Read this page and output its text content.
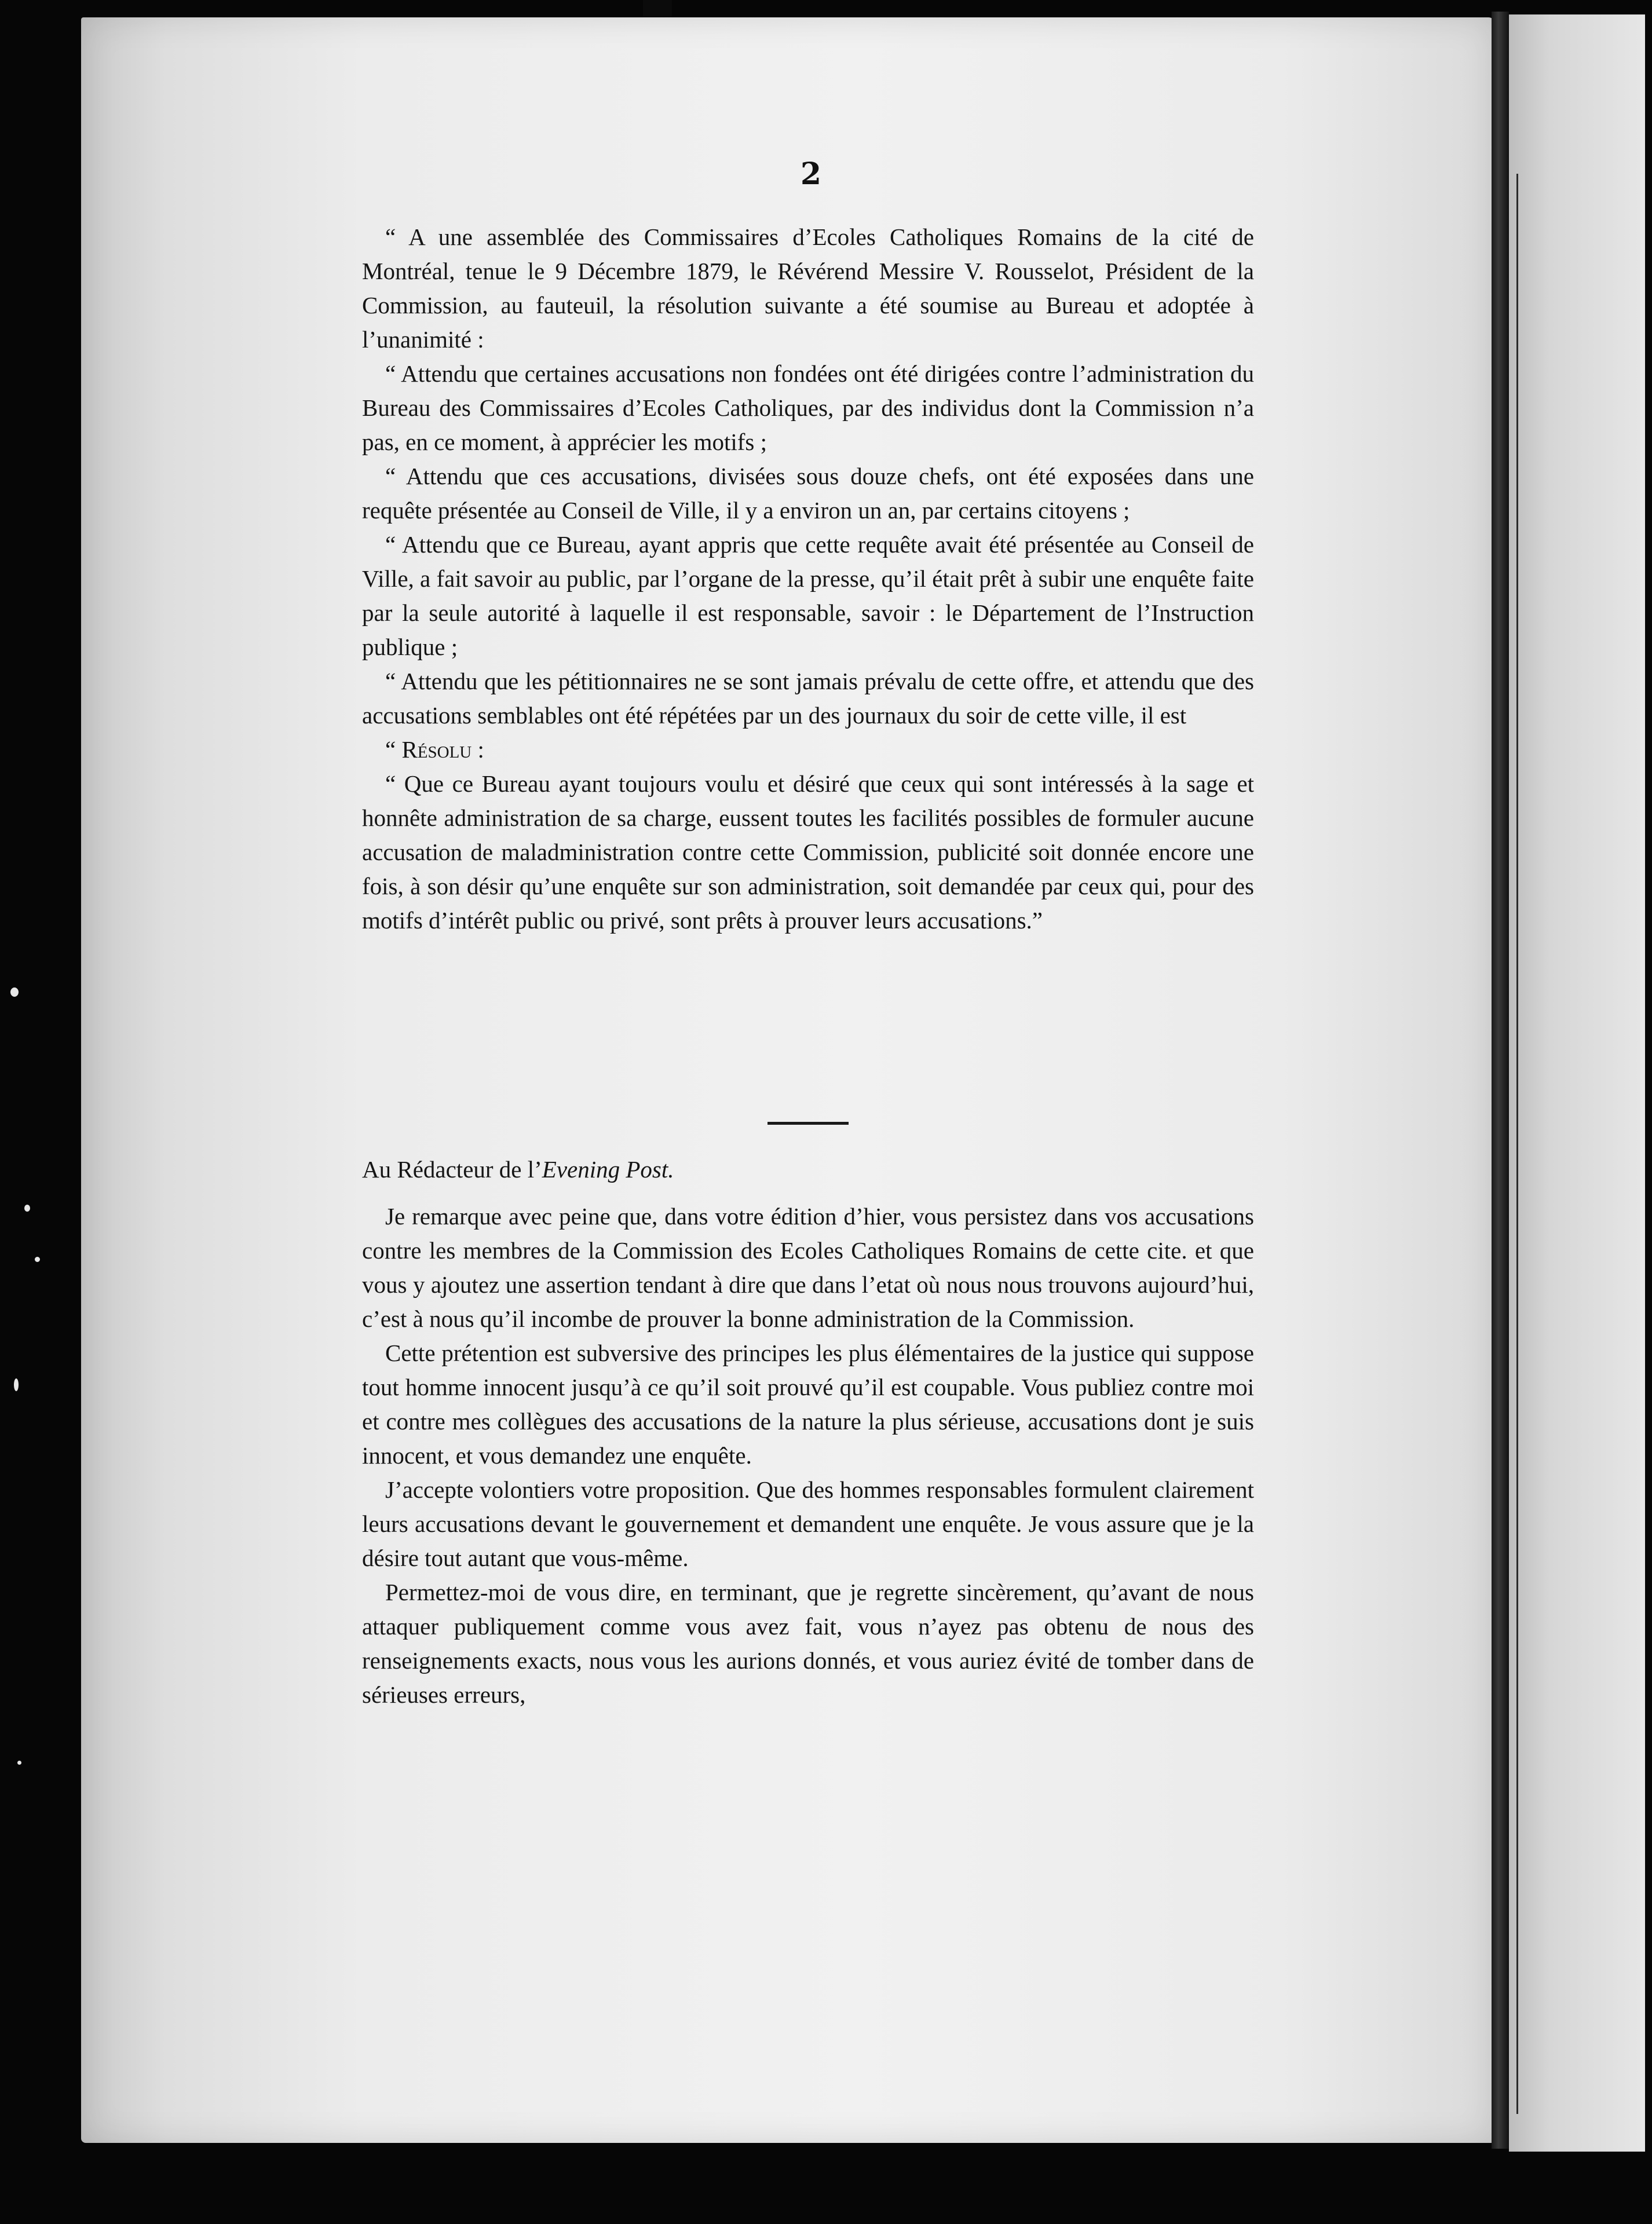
2

“ A une assemblée des Commissaires d’Ecoles Catholiques Romains de la cité de Montréal, tenue le 9 Décembre 1879, le Révérend Messire V. Rousselot, Président de la Commission, au fauteuil, la résolution suivante a été soumise au Bureau et adoptée à l’unanimité :

“ Attendu que certaines accusations non fondées ont été dirigées contre l’administration du Bureau des Commissaires d’Ecoles Catholiques, par des individus dont la Commission n’a pas, en ce moment, à apprécier les motifs ;

“ Attendu que ces accusations, divisées sous douze chefs, ont été exposées dans une requête présentée au Conseil de Ville, il y a environ un an, par certains citoyens ;

“ Attendu que ce Bureau, ayant appris que cette requête avait été présentée au Conseil de Ville, a fait savoir au public, par l’organe de la presse, qu’il était prêt à subir une enquête faite par la seule autorité à laquelle il est responsable, savoir : le Département de l’Instruction publique ;

“ Attendu que les pétitionnaires ne se sont jamais prévalu de cette offre, et attendu que des accusations semblables ont été répétées par un des journaux du soir de cette ville, il est

“ Résolu :

“ Que ce Bureau ayant toujours voulu et désiré que ceux qui sont intéressés à la sage et honnête administration de sa charge, eussent toutes les facilités possibles de formuler aucune accusation de maladministration contre cette Commission, publicité soit donnée encore une fois, à son désir qu’une enquête sur son administration, soit demandée par ceux qui, pour des motifs d’intérêt public ou privé, sont prêts à prouver leurs accusations.”

Au Rédacteur de l’Evening Post.

Je remarque avec peine que, dans votre édition d’hier, vous persistez dans vos accusations contre les membres de la Commission des Ecoles Catholiques Romains de cette cite. et que vous y ajoutez une assertion tendant à dire que dans l’etat où nous nous trouvons aujourd’hui, c’est à nous qu’il incombe de prouver la bonne administration de la Commission.

Cette prétention est subversive des principes les plus élémentaires de la justice qui suppose tout homme innocent jusqu’à ce qu’il soit prouvé qu’il est coupable. Vous publiez contre moi et contre mes collègues des accusations de la nature la plus sérieuse, accusations dont je suis innocent, et vous demandez une enquête.

J’accepte volontiers votre proposition. Que des hommes responsables formulent clairement leurs accusations devant le gouvernement et demandent une enquête. Je vous assure que je la désire tout autant que vous-même.

Permettez-moi de vous dire, en terminant, que je regrette sincèrement, qu’avant de nous attaquer publiquement comme vous avez fait, vous n’ayez pas obtenu de nous des renseignements exacts, nous vous les aurions donnés, et vous auriez évité de tomber dans de sérieuses erreurs,
